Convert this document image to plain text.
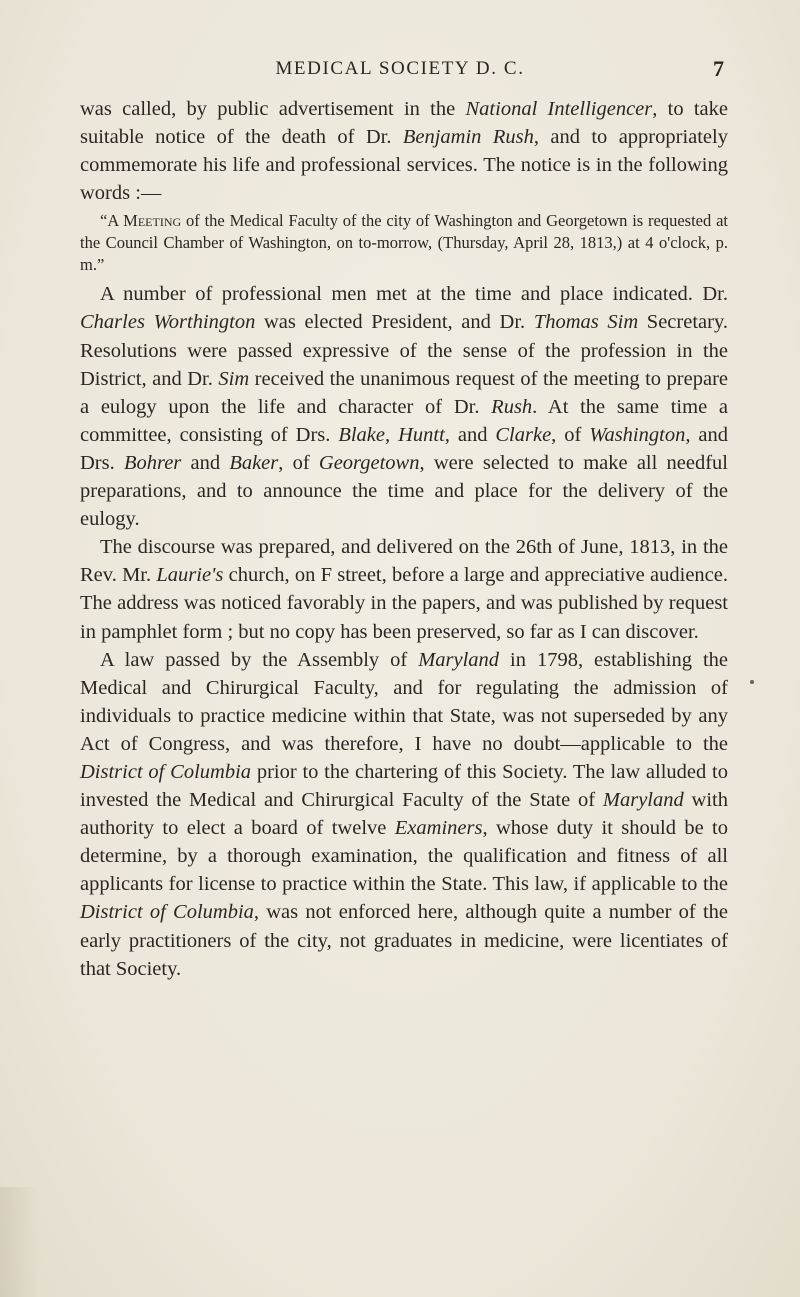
MEDICAL SOCIETY D. C.	7

was called, by public advertisement in the National Intelligencer, to take suitable notice of the death of Dr. Benjamin Rush, and to appropriately commemorate his life and professional services. The notice is in the following words :—

“A Meeting of the Medical Faculty of the city of Washington and Georgetown is requested at the Council Chamber of Washington, on to-morrow, (Thursday, April 28, 1813,) at 4 o'clock, p. m.”

A number of professional men met at the time and place indicated. Dr. Charles Worthington was elected President, and Dr. Thomas Sim Secretary. Resolutions were passed expressive of the sense of the profession in the District, and Dr. Sim received the unanimous request of the meeting to prepare a eulogy upon the life and character of Dr. Rush. At the same time a committee, consisting of Drs. Blake, Huntt, and Clarke, of Washington, and Drs. Bohrer and Baker, of Georgetown, were selected to make all needful preparations, and to announce the time and place for the delivery of the eulogy.

The discourse was prepared, and delivered on the 26th of June, 1813, in the Rev. Mr. Laurie's church, on F street, before a large and appreciative audience. The address was noticed favorably in the papers, and was published by request in pamphlet form ; but no copy has been preserved, so far as I can discover.

A law passed by the Assembly of Maryland in 1798, establishing the Medical and Chirurgical Faculty, and for regulating the admission of individuals to practice medicine within that State, was not superseded by any Act of Congress, and was therefore, I have no doubt—applicable to the District of Columbia prior to the chartering of this Society. The law alluded to invested the Medical and Chirurgical Faculty of the State of Maryland with authority to elect a board of twelve Examiners, whose duty it should be to determine, by a thorough examination, the qualification and fitness of all applicants for license to practice within the State. This law, if applicable to the District of Columbia, was not enforced here, although quite a number of the early practitioners of the city, not graduates in medicine, were licentiates of that Society.
